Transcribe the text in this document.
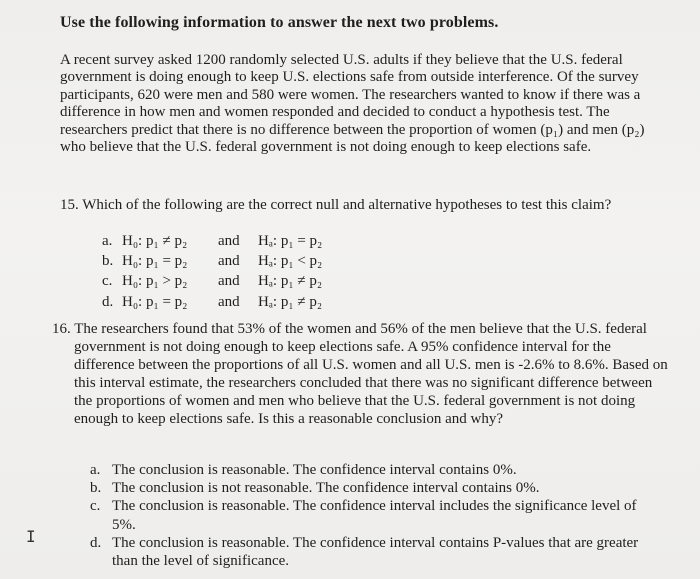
Use the following information to answer the next two problems.
A recent survey asked 1200 randomly selected U.S. adults if they believe that the U.S. federal government is doing enough to keep U.S. elections safe from outside interference. Of the survey participants, 620 were men and 580 were women. The researchers wanted to know if there was a difference in how men and women responded and decided to conduct a hypothesis test. The researchers predict that there is no difference between the proportion of women (p₁) and men (p₂) who believe that the U.S. federal government is not doing enough to keep elections safe.
15. Which of the following are the correct null and alternative hypotheses to test this claim?
a. H₀: p₁ ≠ p₂	and	Hₐ: p₁ = p₂
b. H₀: p₁ = p₂	and	Hₐ: p₁ < p₂
c. H₀: p₁ > p₂	and	Hₐ: p₁ ≠ p₂
d. H₀: p₁ = p₂	and	Hₐ: p₁ ≠ p₂
16. The researchers found that 53% of the women and 56% of the men believe that the U.S. federal government is not doing enough to keep elections safe. A 95% confidence interval for the difference between the proportions of all U.S. women and all U.S. men is -2.6% to 8.6%. Based on this interval estimate, the researchers concluded that there was no significant difference between the proportions of women and men who believe that the U.S. federal government is not doing enough to keep elections safe. Is this a reasonable conclusion and why?
a. The conclusion is reasonable. The confidence interval contains 0%.
b. The conclusion is not reasonable. The confidence interval contains 0%.
c. The conclusion is reasonable. The confidence interval includes the significance level of 5%.
d. The conclusion is reasonable. The confidence interval contains P-values that are greater than the level of significance.
I
